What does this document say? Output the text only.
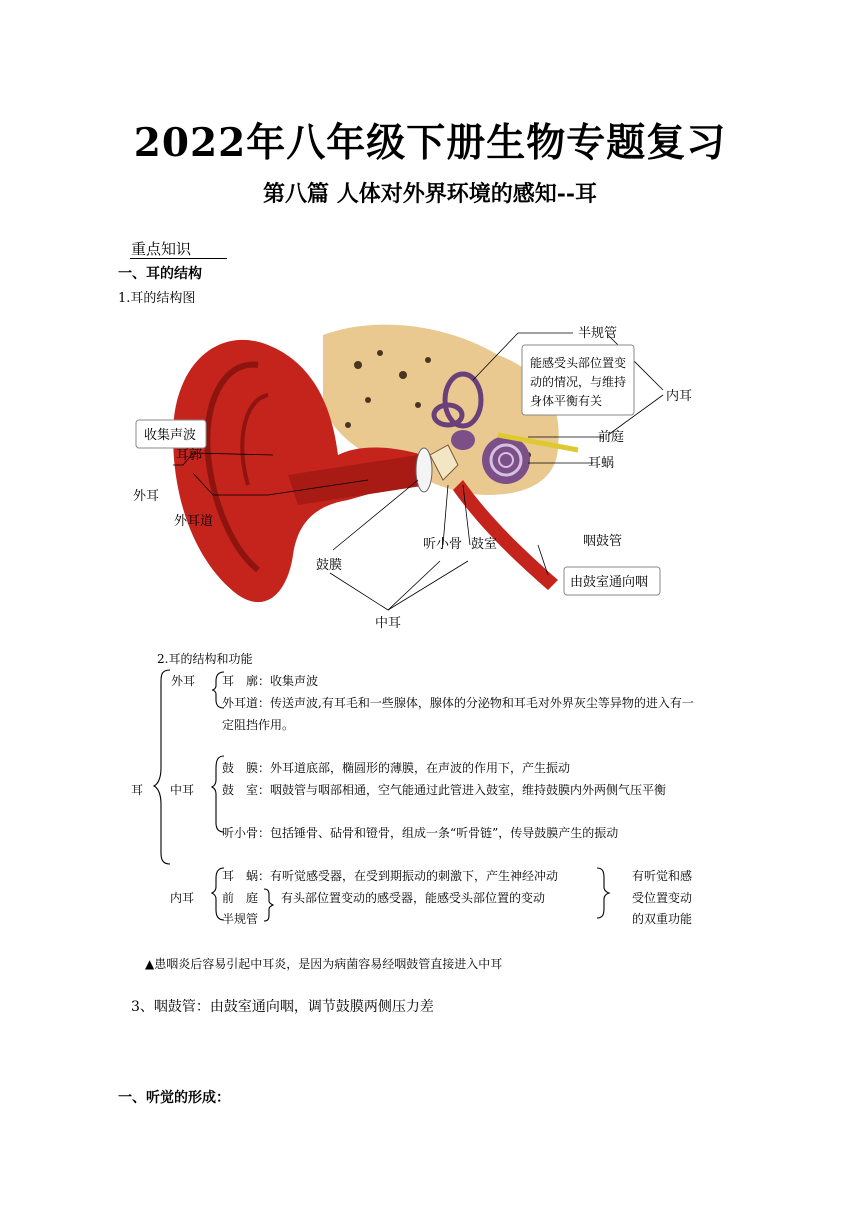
2022年八年级下册生物专题复习
第八篇 人体对外界环境的感知--耳
重点知识
一、耳的结构
1.耳的结构图
半规管
能感受头部位置变
动的情况，与维持
身体平衡有关	内耳
前庭
耳蜗
收集声波
耳郭
外耳
外耳道
听小骨 鼓室	咽鼓管
由鼓室通向咽
鼓膜
中耳
2.耳的结构和功能
耳
外耳 耳　廓：收集声波
外耳道：传送声波,有耳毛和一些腺体，腺体的分泌物和耳毛对外界灰尘等异物的进入有一
定阻挡作用。
中耳
鼓　膜：外耳道底部，椭圆形的薄膜，在声波的作用下，产生振动
鼓　室：咽鼓管与咽部相通，空气能通过此管进入鼓室，维持鼓膜内外两侧气压平衡
听小骨：包括锤骨、砧骨和镫骨，组成一条“听骨链”，传导鼓膜产生的振动
内耳
耳　蜗：有听觉感受器，在受到期振动的刺激下，产生神经冲动
前　庭
半规管
有头部位置变动的感受器，能感受头部位置的变动
有听觉和感
受位置变动
的双重功能
▲患咽炎后容易引起中耳炎，是因为病菌容易经咽鼓管直接进入中耳
3、咽鼓管：由鼓室通向咽，调节鼓膜两侧压力差
一、听觉的形成：
